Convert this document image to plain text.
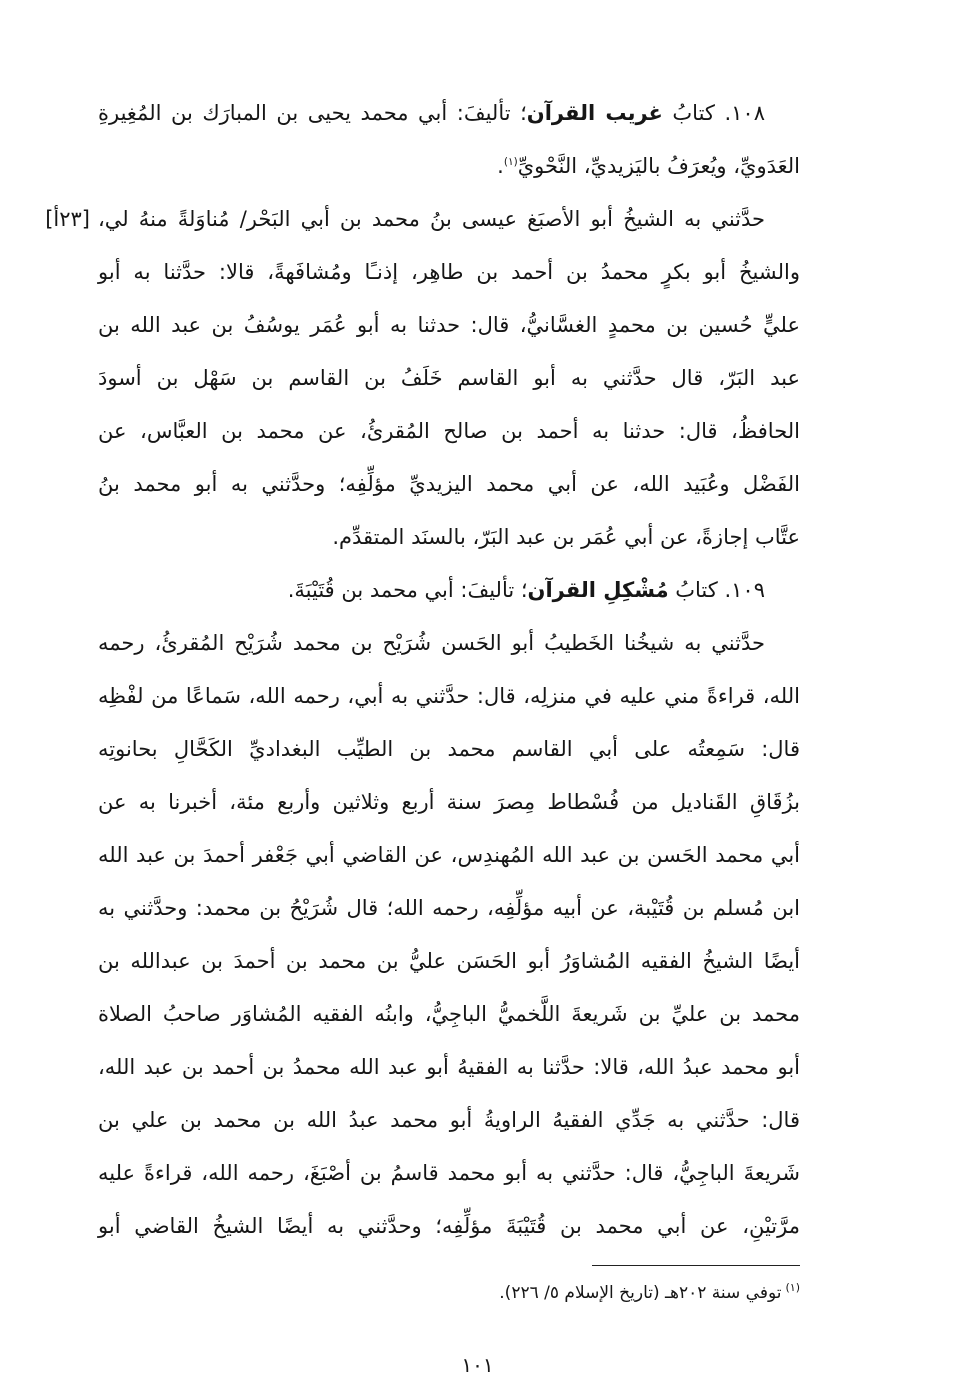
١٠٨. كتابُ غريب القرآن؛ تأليفَ: أبي محمد يحيى بن المبارَك بن المُغِيرةِ
العَدَويِّ، ويُعرَفُ باليَزيديِّ، النَّحْويِّ$^{(١)}$.
[٢٣أ] حدَّثني به الشيخُ أبو الأصبَغ عيسى بنُ محمد بن أبي البَحْر/ مُناوَلةً منهُ لي،
والشيخُ أبو بكرٍ محمدُ بن أحمد بن طاهِر، إذنـًا ومُشافَهةً، قالا: حدَّثنا به أبو
عليٍّ حُسين بن محمدٍ الغسَّانيُّ، قال: حدثنا به أبو عُمَر يوسُفُ بن عبد الله بن
عبد البَرّ، قال حدَّثني به أبو القاسم خَلَفُ بن القاسم بن سَهْل بن أسودَ
الحافظُ، قال: حدثنا به أحمد بن صالح المُقرئُ، عن محمد بن العبَّاس، عن
الفَضْل وعُبَيد الله، عن أبي محمد اليزيديِّ مؤلِّفِه؛ وحدَّثني به أبو محمد بنُ
عتَّاب إجازةً، عن أبي عُمَر بن عبد البَرّ، بالسنَد المتقدِّم.
١٠٩. كتابُ مُشْكِلِ القرآن؛ تأليفَ: أبي محمد بن قُتَيْبَةَ.
حدَّثني به شيخُنا الخَطيبُ أبو الحَسن شُرَيْح بن محمد شُرَيْح المُقرئُ، رحمه
الله، قراءةً مني عليه في منزلِه، قال: حدَّثني به أبي، رحمه الله، سَماعًا من لفْظِه
قال: سَمِعتُه على أبي القاسم محمد بن الطيِّب البغداديِّ الكَحَّالِ بحانوتِه
بزُقَاقِ القَناديل من فُسْطاط مِصرَ سنة أربع وثلاثين وأربع مئة، أخبرنا به عن
أبي محمد الحَسن بن عبد الله المُهندِس، عن القاضي أبي جَعْفر أحمدَ بن عبد الله
ابن مُسلم بن قُتَيْبة، عن أبيه مؤلِّفِه، رحمه الله؛ قال شُرَيْحُ بن محمد: وحدَّثني به
أيضًا الشيخُ الفقيه المُشاوَرُ أبو الحَسَن عليُّ بن محمد بن أحمدَ بن عبدالله بن
محمد بن عليِّ بن شَريعةَ اللَّخميُّ الباجِيُّ، وابنُه الفقيه المُشاوَر صاحبُ الصلاة
أبو محمد عبدُ الله، قالا: حدَّثنا به الفقيهُ أبو عبد الله محمدُ بن أحمد بن عبد الله،
قال: حدَّثني به جَدِّي الفقيهُ الراويةُ أبو محمد عبدُ الله بن محمد بن علي بن
شَريعةَ الباجِيُّ، قال: حدَّثني به أبو محمد قاسمُ بن أصْبَغَ، رحمه الله، قراءةً عليه
مرَّتيْنِ، عن أبي محمد بن قُتَيْبَةَ مؤلِّفِه؛ وحدَّثني به أيضًا الشيخُ القاضي أبو
$^{(١)}$توفي سنة ٢٠٢هـ (تاريخ الإسلام ٥/ ٢٢٦).
١٠١
